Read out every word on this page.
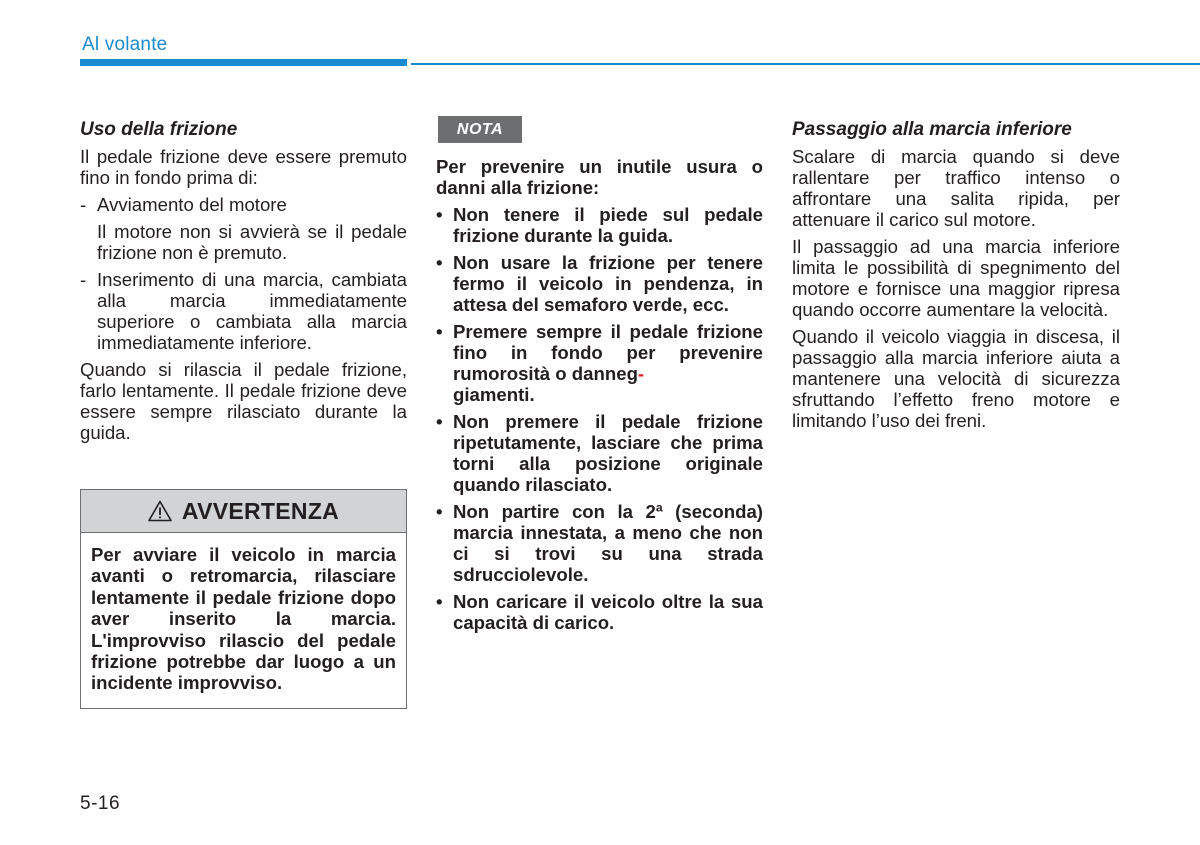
Al volante
Uso della frizione

Il pedale frizione deve essere premuto fino in fondo prima di:

- Avviamento del motore
Il motore non si avvierà se il pedale frizione non è premuto.
- Inserimento di una marcia, cambiata alla marcia immediatamente superiore o cambiata alla marcia immediatamente inferiore.

Quando si rilascia il pedale frizione, farlo lentamente. Il pedale frizione deve essere sempre rilasciato durante la guida.

AVVERTENZA
Per avviare il veicolo in marcia avanti o retromarcia, rilasciare lentamente il pedale frizione dopo aver inserito la marcia. L'improvviso rilascio del pedale frizione potrebbe dar luogo a un incidente improvviso.
NOTA

Per prevenire un inutile usura o danni alla frizione:

• Non tenere il piede sul pedale frizione durante la guida.
• Non usare la frizione per tenere fermo il veicolo in pendenza, in attesa del semaforo verde, ecc.
• Premere sempre il pedale frizione fino in fondo per prevenire rumorosità o danneg-
giamenti.
• Non premere il pedale frizione ripetutamente, lasciare che prima torni alla posizione originale quando rilasciato.
• Non partire con la 2ª (seconda) marcia innestata, a meno che non ci si trovi su una strada sdrucciolevole.
• Non caricare il veicolo oltre la sua capacità di carico.
Passaggio alla marcia inferiore

Scalare di marcia quando si deve rallentare per traffico intenso o affrontare una salita ripida, per attenuare il carico sul motore.

Il passaggio ad una marcia inferiore limita le possibilità di spegnimento del motore e fornisce una maggior ripresa quando occorre aumentare la velocità.

Quando il veicolo viaggia in discesa, il passaggio alla marcia inferiore aiuta a mantenere una velocità di sicurezza sfruttando l’effetto freno motore e limitando l’uso dei freni.

5-16
